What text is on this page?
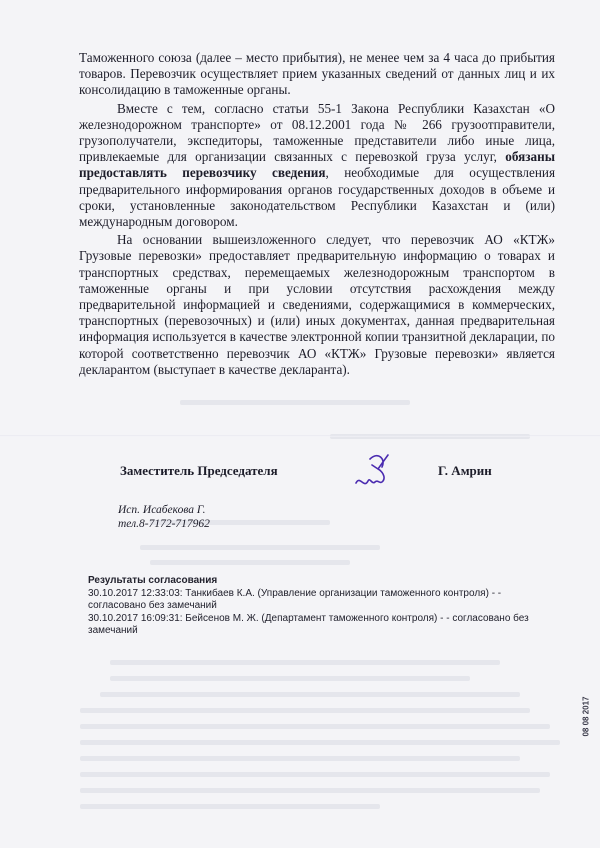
Таможенного союза (далее – место прибытия), не менее чем за 4 часа до прибытия товаров. Перевозчик осуществляет прием указанных сведений от данных лиц и их консолидацию в таможенные органы.

Вместе с тем, согласно статьи 55-1 Закона Республики Казахстан «О железнодорожном транспорте» от 08.12.2001 года № 266 грузоотправители, грузополучатели, экспедиторы, таможенные представители либо иные лица, привлекаемые для организации связанных с перевозкой груза услуг, обязаны предоставлять перевозчику сведения, необходимые для осуществления предварительного информирования органов государственных доходов в объеме и сроки, установленные законодательством Республики Казахстан и (или) международным договором.

На основании вышеизложенного следует, что перевозчик АО «КТЖ» Грузовые перевозки» предоставляет предварительную информацию о товарах и транспортных средствах, перемещаемых железнодорожным транспортом в таможенные органы и при условии отсутствия расхождения между предварительной информацией и сведениями, содержащимися в коммерческих, транспортных (перевозочных) и (или) иных документах, данная предварительная информация используется в качестве электронной копии транзитной декларации, по которой соответственно перевозчик АО «КТЖ» Грузовые перевозки» является декларантом (выступает в качестве декларанта).

Заместитель Председателя	Г. Амрин
Исп. Исабекова Г.
тел.8-7172-717962
Результаты согласования

30.10.2017 12:33:03: Танкибаев К.А. (Управление организации таможенного контроля) - - согласовано без замечаний

30.10.2017 16:09:31: Бейсенов М. Ж. (Департамент таможенного контроля) - - согласовано без замечаний

08 08 2017
